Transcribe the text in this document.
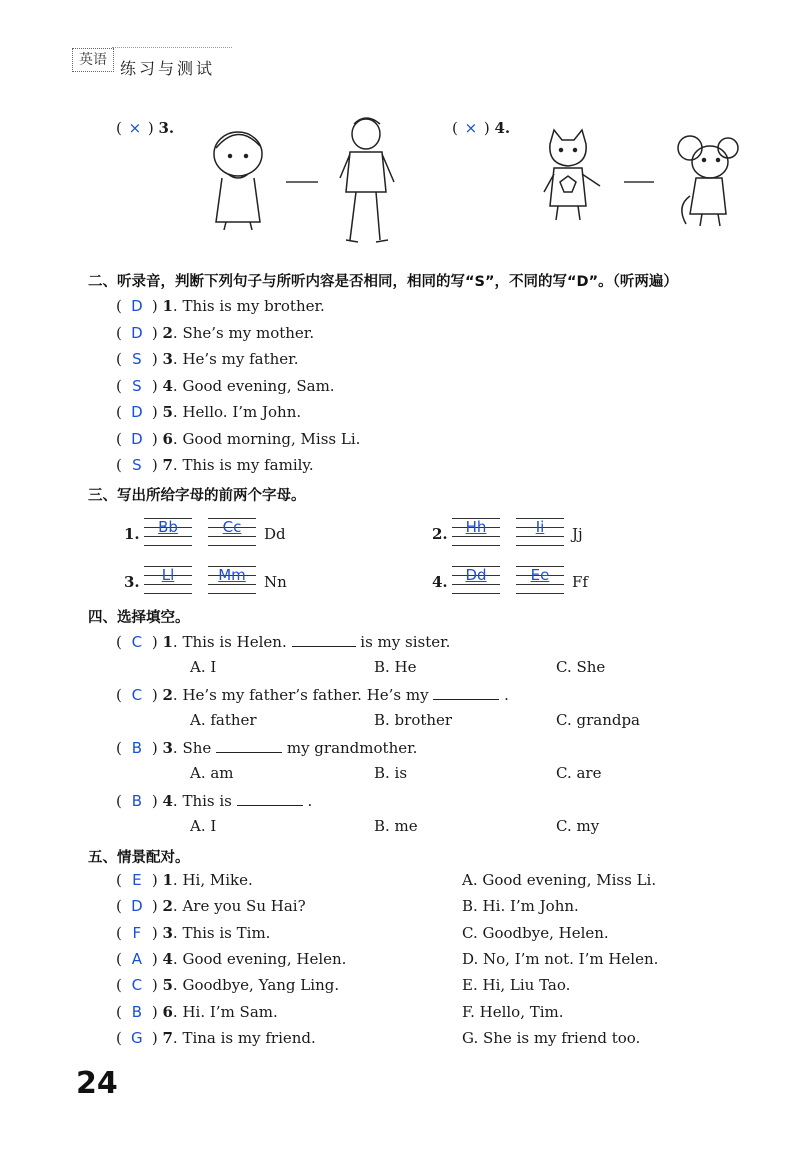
英语 练习与测试
( × ) 3.	( × ) 4.
二、听录音，判断下列句子与所听内容是否相同，相同的写“S”，不同的写“D”。（听两遍）
( D ) 1. This is my brother.
( D ) 2. She’s my mother.
( S ) 3. He’s my father.
( S ) 4. Good evening, Sam.
( D ) 5. Hello. I’m John.
( D ) 6. Good morning, Miss Li.
( S ) 7. This is my family.
三、写出所给字母的前两个字母。
1.	Bb	Cc	Dd	2.	Hh	Ii	Jj
3.	Ll	Mm	Nn	4.	Dd	Ee	Ff
四、选择填空。
( C ) 1. This is Helen.	is my sister.
A. I	B. He	C. She
( C ) 2. He’s my father’s father. He’s my	.
A. father	B. brother	C. grandpa
( B ) 3. She	my grandmother.
A. am	B. is	C. are
( B ) 4. This is	.
A. I	B. me	C. my
五、情景配对。
( E ) 1. Hi, Mike.	A. Good evening, Miss Li.
( D ) 2. Are you Su Hai?	B. Hi. I’m John.
( F ) 3. This is Tim.	C. Goodbye, Helen.
( A ) 4. Good evening, Helen.	D. No, I’m not. I’m Helen.
( C ) 5. Goodbye, Yang Ling.	E. Hi, Liu Tao.
( B ) 6. Hi. I’m Sam.	F. Hello, Tim.
( G ) 7. Tina is my friend.	G. She is my friend too.
24
